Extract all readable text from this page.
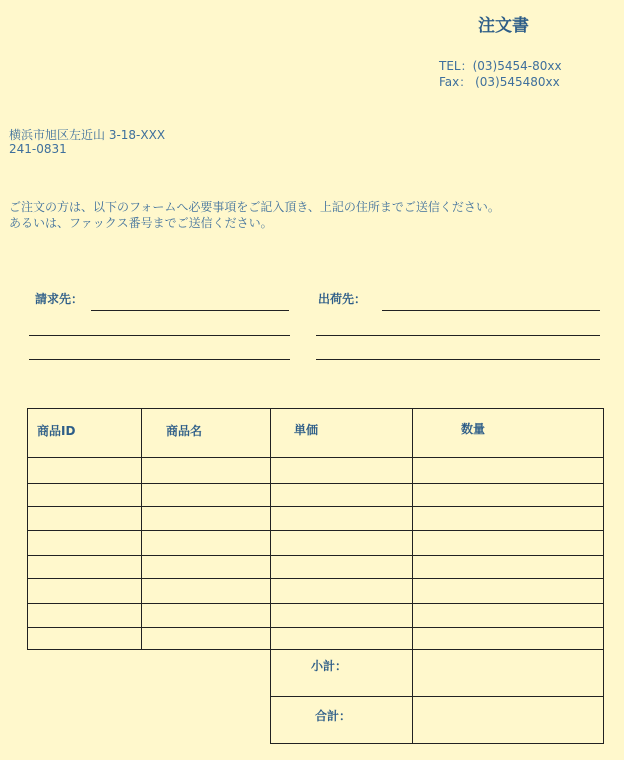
注文書
TEL：(03)5454-80xx
Fax： (03)545480xx
横浜市旭区左近山 3-18-XXX
241-0831
ご注文の方は、以下のフォームへ必要事項をご記入頂き、上記の住所までご送信ください。
あるいは、ファックス番号までご送信ください。
請求先：	出荷先：
商品ID	商品名	単価	数量
小計：
合計：
